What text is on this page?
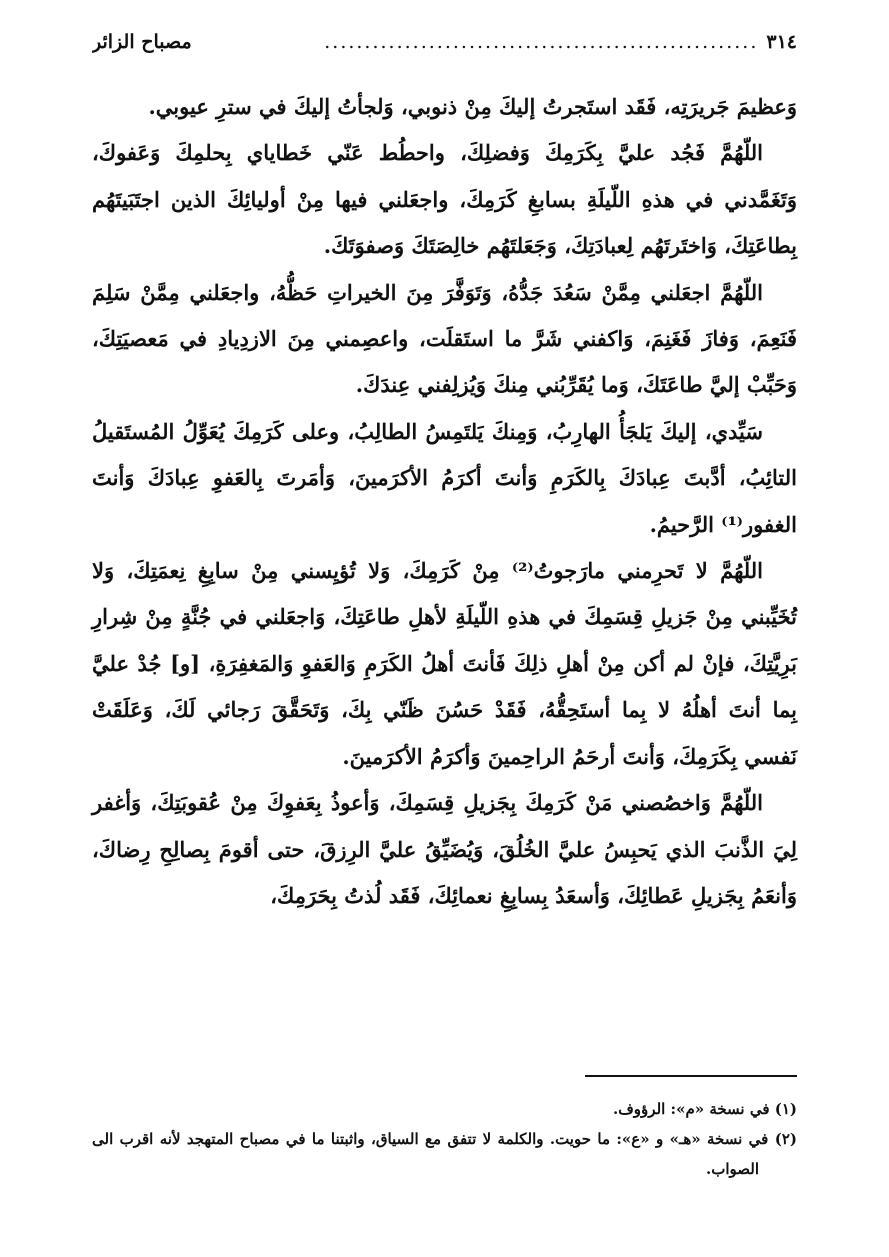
٣١٤
......................................................
مصباح الزائر

وَعظيمَ جَريرَتِه، فَقَد استَجرتُ إليكَ مِنْ ذنوبي، وَلجأتُ إليكَ في سترِ عيوبي.

اللّهُمَّ فَجُد عليَّ بِكَرَمِكَ وَفضلِكَ، واحطُط عَنّي خَطاياي بِحلمِكَ وَعَفوكَ، وَتَغَمَّدني في هذهِ اللّيلَةِ بسابغِ كَرَمِكَ، واجعَلني فيها مِنْ أوليائِكَ الذين اجتَبَيتَهُم بِطاعَتِكَ، وَاختَرتَهُم لِعبادَتِكَ، وَجَعَلتَهُم خالِصَتَكَ وَصفوَتَكَ.

اللّهُمَّ اجعَلني مِمَّنْ سَعُدَ جَدُّهُ، وَتَوَفَّرَ مِنَ الخيراتِ حَظُّهُ، واجعَلني مِمَّنْ سَلِمَ فَنَعِمَ، وَفازَ فَغَنِمَ، وَاكفني شَرَّ ما استَقلَت، واعصِمني مِنَ الازدِيادِ في مَعصيَتِكَ، وَحَبِّبْ إليَّ طاعَتَكَ، وَما يُقَرِّبُني مِنكَ وَيُزلِفني عِندَكَ.

سَيِّدي، إليكَ يَلجَأُ الهارِبُ، وَمِنكَ يَلتَمِسُ الطالِبُ، وعلى كَرَمِكَ يُعَوِّلُ المُستَقيلُ التائِبُ، أدَّبتَ عِبادَكَ بِالكَرَمِ وَأنتَ أكرَمُ الأكرَمينَ، وَأمَرتَ بِالعَفوِ عِبادَكَ وَأنتَ الغفور⁽¹⁾ الرَّحيمُ.

اللّهُمَّ لا تَحرِمني مارَجوتُ⁽²⁾ مِنْ كَرَمِكَ، وَلا تُؤيِسني مِنْ سابِغِ نِعمَتِكَ، وَلا تُخَيِّبني مِنْ جَزيلِ قِسَمِكَ في هذهِ اللّيلَةِ لأهلِ طاعَتِكَ، وَاجعَلني في جُنَّةٍ مِنْ شِرارِ بَرِيَّتِكَ، فإنْ لم أكن مِنْ أهلِ ذلِكَ فَأنتَ أهلُ الكَرَمِ وَالعَفوِ وَالمَغفِرَةِ، [و] جُدْ عليَّ بِما أنتَ أهلُهُ لا بِما أستَحِقُّهُ، فَقَدْ حَسُنَ ظَنّي بِكَ، وَتَحَقَّقَ رَجائي لَكَ، وَعَلَقَتْ نَفسي بِكَرَمِكَ، وَأنتَ أرحَمُ الراحِمينَ وَأكرَمُ الأكرَمينَ.

اللّهُمَّ وَاخصُصني مَنْ كَرَمِكَ بِجَزيلِ قِسَمِكَ، وَأعوذُ بِعَفوِكَ مِنْ عُقوبَتِكَ، وَأغفر لِيَ الذَّنبَ الذي يَحبِسُ عليَّ الخُلُقَ، وَيُضَيِّقُ عليَّ الرِزقَ، حتى أقومَ بِصالِحِ رِضاكَ، وَأنعَمُ بِجَزيلِ عَطائِكَ، وَأسعَدُ بِسابِغِ نعمائِكَ، فَقَد لُذتُ بِحَرَمِكَ،

(١) في نسخة «م»: الرؤوف.

(٢) في نسخة «هـ» و «ع»: ما حويت. والكلمة لا تتفق مع السياق، واثبتنا ما في مصباح المتهجد لأنه اقرب الى الصواب.
